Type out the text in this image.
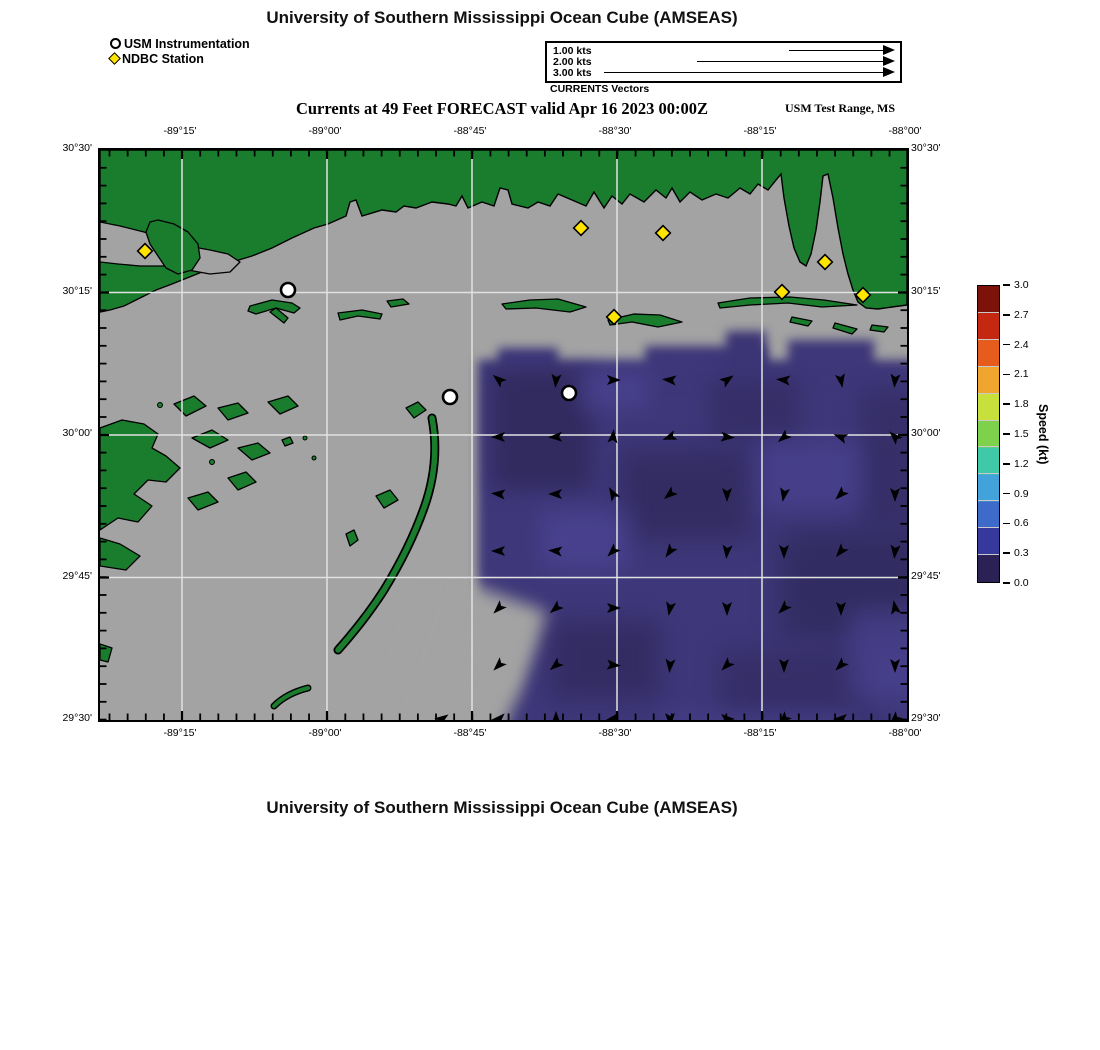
University of Southern Mississippi Ocean Cube (AMSEAS)
USM Instrumentation
NDBC Station
1.00 kts
2.00 kts
3.00 kts
CURRENTS Vectors
Currents at 49 Feet FORECAST valid Apr 16 2023 00:00Z	USM Test Range, MS
3.0
2.7
2.4
2.1
1.8
1.5
1.2
0.9
0.6
0.3
0.0
Speed (kt)
University of Southern Mississippi Ocean Cube (AMSEAS)
-89°15'
-89°15'
-89°00'
-89°00'
-88°45'
-88°45'
-88°30'
-88°30'
-88°15'
-88°15'
-88°00'
-88°00'
30°30'	30°30'
30°15'	30°15'
30°00'	30°00'
29°45'	29°45'
29°30'	29°30'
